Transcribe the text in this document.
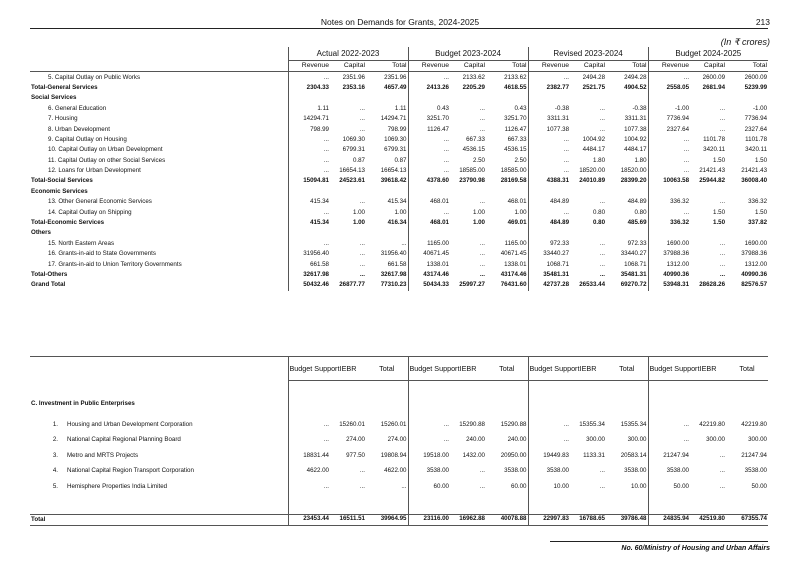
Notes on Demands for Grants, 2024-2025	213
(In ₹ crores)
	Actual 2022-2023			Budget 2023-2024			Revised 2023-2024			Budget 2024-2025		
	Revenue	Capital	Total	Revenue	Capital	Total	Revenue	Capital	Total	Revenue	Capital	Total
5. Capital Outlay on Public Works	...	2351.96	2351.96	...	2133.62	2133.62	...	2494.28	2494.28	...	2600.09	2600.09
Total-General Services	2304.33	2353.16	4657.49	2413.26	2205.29	4618.55	2382.77	2521.75	4904.52	2558.05	2681.94	5239.99
Social Services												
6. General Education	1.11	...	1.11	0.43	...	0.43	-0.38	...	-0.38	-1.00	...	-1.00
7. Housing	14294.71	...	14294.71	3251.70	...	3251.70	3311.31	...	3311.31	7736.94	...	7736.94
8. Urban Development	798.99	...	798.99	1126.47	...	1126.47	1077.38	...	1077.38	2327.64	...	2327.64
9. Capital Outlay on Housing	...	1069.30	1069.30	...	667.33	667.33	...	1004.92	1004.92	...	1101.78	1101.78
10. Capital Outlay on Urban Development	...	6799.31	6799.31	...	4536.15	4536.15	...	4484.17	4484.17	...	3420.11	3420.11
11. Capital Outlay on other Social Services	...	0.87	0.87	...	2.50	2.50	...	1.80	1.80	...	1.50	1.50
12. Loans for Urban Development	...	16654.13	16654.13	...	18585.00	18585.00	...	18520.00	18520.00	...	21421.43	21421.43
Total-Social Services	15094.81	24523.61	39618.42	4378.60	23790.98	28169.58	4388.31	24010.89	28399.20	10063.58	25944.82	36008.40
Economic Services												
13. Other General Economic Services	415.34	...	415.34	468.01	...	468.01	484.89	...	484.89	336.32	...	336.32
14. Capital Outlay on Shipping	...	1.00	1.00	...	1.00	1.00	...	0.80	0.80	...	1.50	1.50
Total-Economic Services	415.34	1.00	416.34	468.01	1.00	469.01	484.89	0.80	485.69	336.32	1.50	337.82
Others												
15. North Eastern Areas	...	...	...	1165.00	...	1165.00	972.33	...	972.33	1690.00	...	1690.00
16. Grants-in-aid to State Governments	31956.40	...	31956.40	40671.45	...	40671.45	33440.27	...	33440.27	37988.36	...	37988.36
17. Grants-in-aid to Union Territory Governments	661.58	...	661.58	1338.01	...	1338.01	1068.71	...	1068.71	1312.00	...	1312.00
Total-Others	32617.98	...	32617.98	43174.46	...	43174.46	35481.31	...	35481.31	40990.36	...	40990.36
Grand Total	50432.46	26877.77	77310.23	50434.33	25997.27	76431.60	42737.28	26533.44	69270.72	53948.31	28628.26	82576.57
		Budget Support	IEBR	Total	Budget Support	IEBR	Total	Budget Support	IEBR	Total	Budget Support	IEBR	Total

C. Investment in Public Enterprises													

1.	Housing and Urban Development Corporation	...	15260.01	15260.01	...	15290.88	15290.88	...	15355.34	15355.34	...	42219.80	42219.80
2.	National Capital Regional Planning Board	...	274.00	274.00	...	240.00	240.00	...	300.00	300.00	...	300.00	300.00
3.	Metro and MRTS Projects	18831.44	977.50	19808.94	19518.00	1432.00	20950.00	19449.83	1133.31	20583.14	21247.94	...	21247.94
4.	National Capital Region Transport Corporation	4622.00	...	4622.00	3538.00	...	3538.00	3538.00	...	3538.00	3538.00	...	3538.00
5.	Hemisphere Properties India Limited	...	...	...	60.00	...	60.00	10.00	...	10.00	50.00	...	50.00

Total		23453.44	16511.51	39964.95	23116.00	16962.88	40078.88	22997.83	16788.65	39786.48	24835.94	42519.80	67355.74
No. 60/Ministry of Housing and Urban Affairs
